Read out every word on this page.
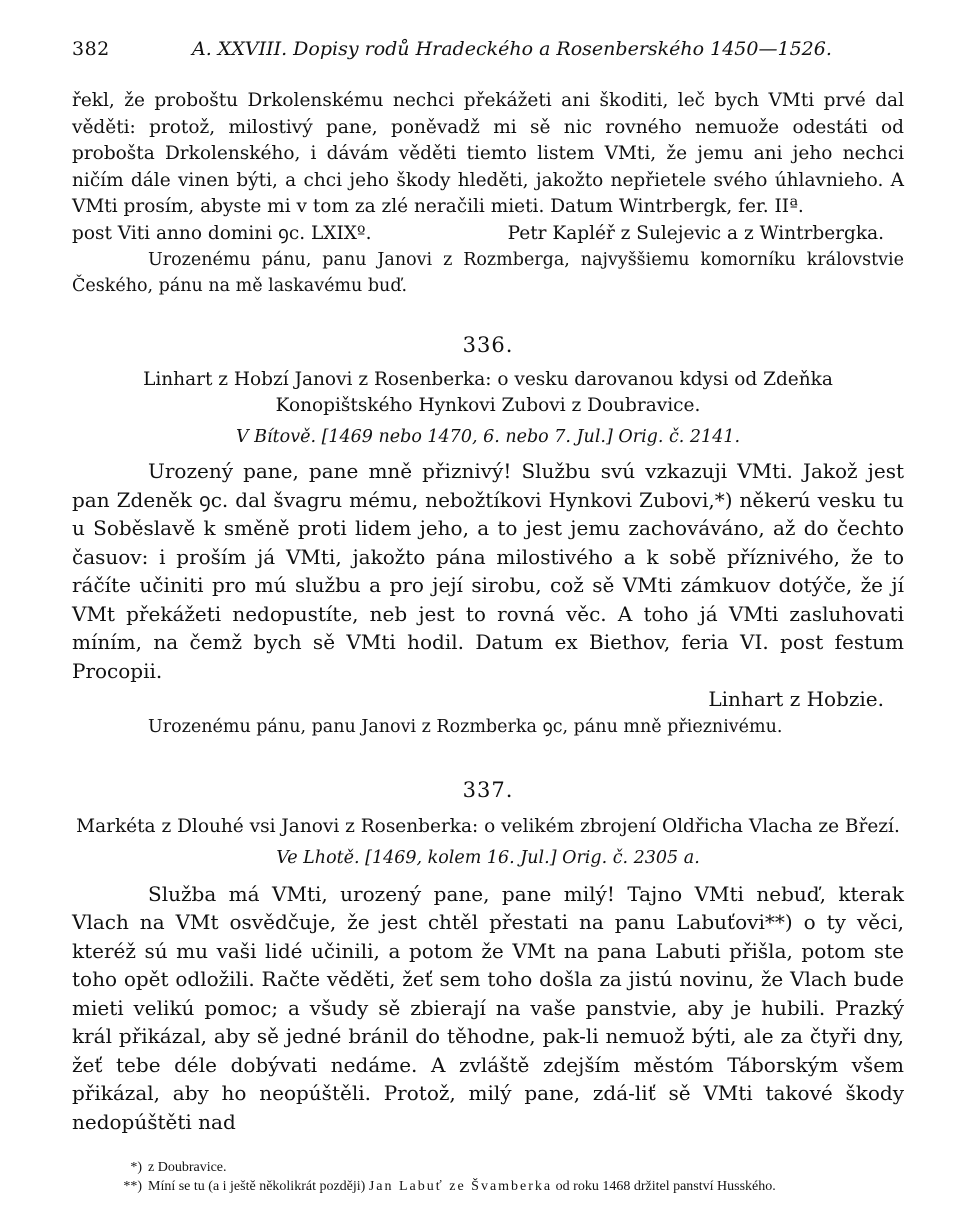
382	A. XXVIII. Dopisy rodů Hradeckého a Rosenberského 1450—1526.

řekl, že proboštu Drkolenskému nechci překážeti ani škoditi, leč bych VMti prvé dal věděti: protož, milostivý pane, poněvadž mi sě nic rovného nemuože odestáti od probošta Drkolenského, i dávám věděti tiemto listem VMti, že jemu ani jeho nechci ničím dále vinen býti, a chci jeho škody hleděti, jakožto nepřietele svého úhlavnieho. A VMti prosím, abyste mi v tom za zlé neračili mieti. Datum Wintrbergk, fer. IIª.

post Viti anno domini ꝯc. LXIXº.	Petr Kapléř z Sulejevic a z Wintrbergka.

Urozenému pánu, panu Janovi z Rozmberga, najvyššiemu komorníku královstvie Českého, pánu na mě laskavému buď.

336.

Linhart z Hobzí Janovi z Rosenberka: o vesku darovanou kdysi od Zdeňka Konopištského Hynkovi Zubovi z Doubravice.

V Bítově. [1469 nebo 1470, 6. nebo 7. Jul.] Orig. č. 2141.

Urozený pane, pane mně přiznivý! Službu svú vzkazuji VMti. Jakož jest pan Zdeněk ꝯc. dal švagru mému, nebožtíkovi Hynkovi Zubovi,*) někerú vesku tu u Soběslavě k směně proti lidem jeho, a to jest jemu zachováváno, až do čechto časuov: i proším já VMti, jakožto pána milostivého a k sobě příznivého, že to ráčíte učiniti pro mú službu a pro její sirobu, což sě VMti zámkuov dotýče, že jí VMt překážeti nedopustíte, neb jest to rovná věc. A toho já VMti zasluhovati míním, na čemž bych sě VMti hodil. Datum ex Biethov, feria VI. post festum Procopii.

Linhart z Hobzie.

Urozenému pánu, panu Janovi z Rozmberka ꝯc, pánu mně přieznivému.

337.

Markéta z Dlouhé vsi Janovi z Rosenberka: o velikém zbrojení Oldřicha Vlacha ze Březí.

Ve Lhotě. [1469, kolem 16. Jul.] Orig. č. 2305 a.

Služba má VMti, urozený pane, pane milý! Tajno VMti nebuď, kterak Vlach na VMt osvědčuje, že jest chtěl přestati na panu Labuťovi**) o ty věci, kteréž sú mu vaši lidé učinili, a potom že VMt na pana Labuti přišla, potom ste toho opět odložili. Račte věděti, žeť sem toho došla za jistú novinu, že Vlach bude mieti velikú pomoc; a všudy sě zbierají na vaše panstvie, aby je hubili. Prazký král přikázal, aby sě jedné bránil do těhodne, pak-li nemuož býti, ale za čtyři dny, žeť tebe déle dobývati nedáme. A zvláště zdejším městóm Táborským všem přikázal, aby ho neopúštěli. Protož, milý pane, zdá-liť sě VMti takové škody nedopúštěti nad

*) z Doubravice.
**) Míní se tu (a i ještě několikrát později) Jan Labuť ze Švamberka od roku 1468 držitel panství Husského.
